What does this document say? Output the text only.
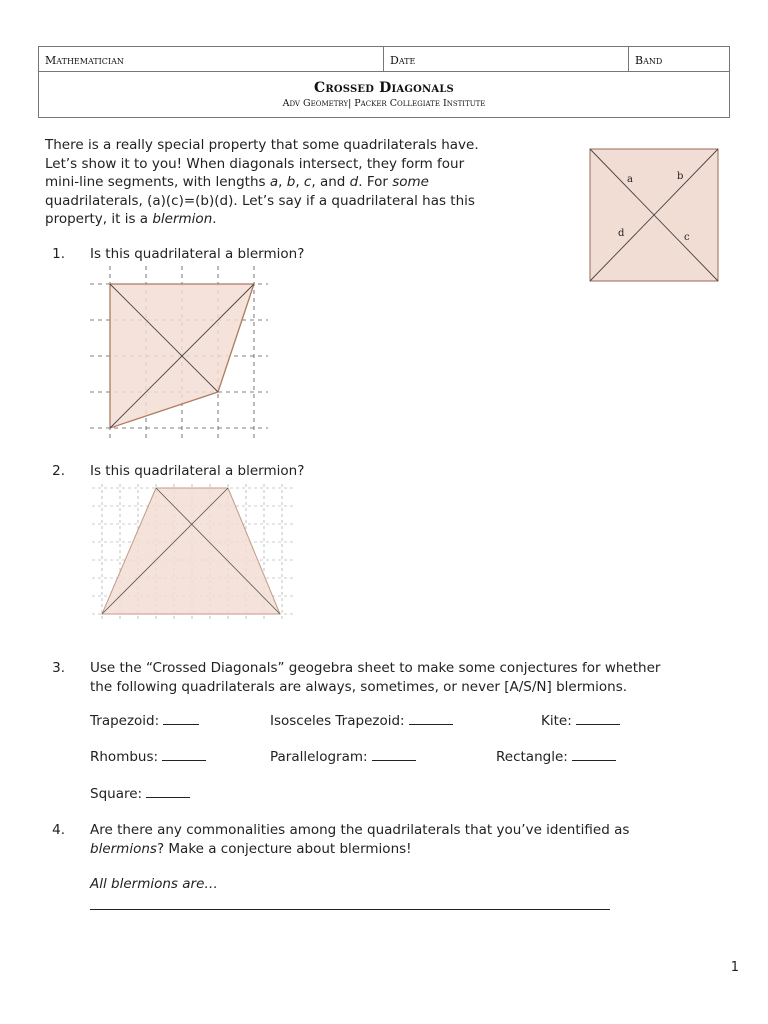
Mathematician	Date	Band
Crossed Diagonals
Adv Geometry| Packer Collegiate Institute

There is a really special property that some quadrilaterals have.
Let’s show it to you! When diagonals intersect, they form four
mini-line segments, with lengths a, b, c, and d. For some
quadrilaterals, (a)(c)=(b)(d). Let’s say if a quadrilateral has this
property, it is a blermion.

a	b
c
d
1. Is this quadrilateral a blermion?
2. Is this quadrilateral a blermion?
3. Use the “Crossed Diagonals” geogebra sheet to make some conjectures for whether
the following quadrilaterals are always, sometimes, or never [A/S/N] blermions.
Trapezoid:	Isosceles Trapezoid:	Kite:
Rhombus:	Parallelogram:	Rectangle:
Square:
4. Are there any commonalities among the quadrilaterals that you’ve identified as
blermions? Make a conjecture about blermions!
All blermions are…
1
